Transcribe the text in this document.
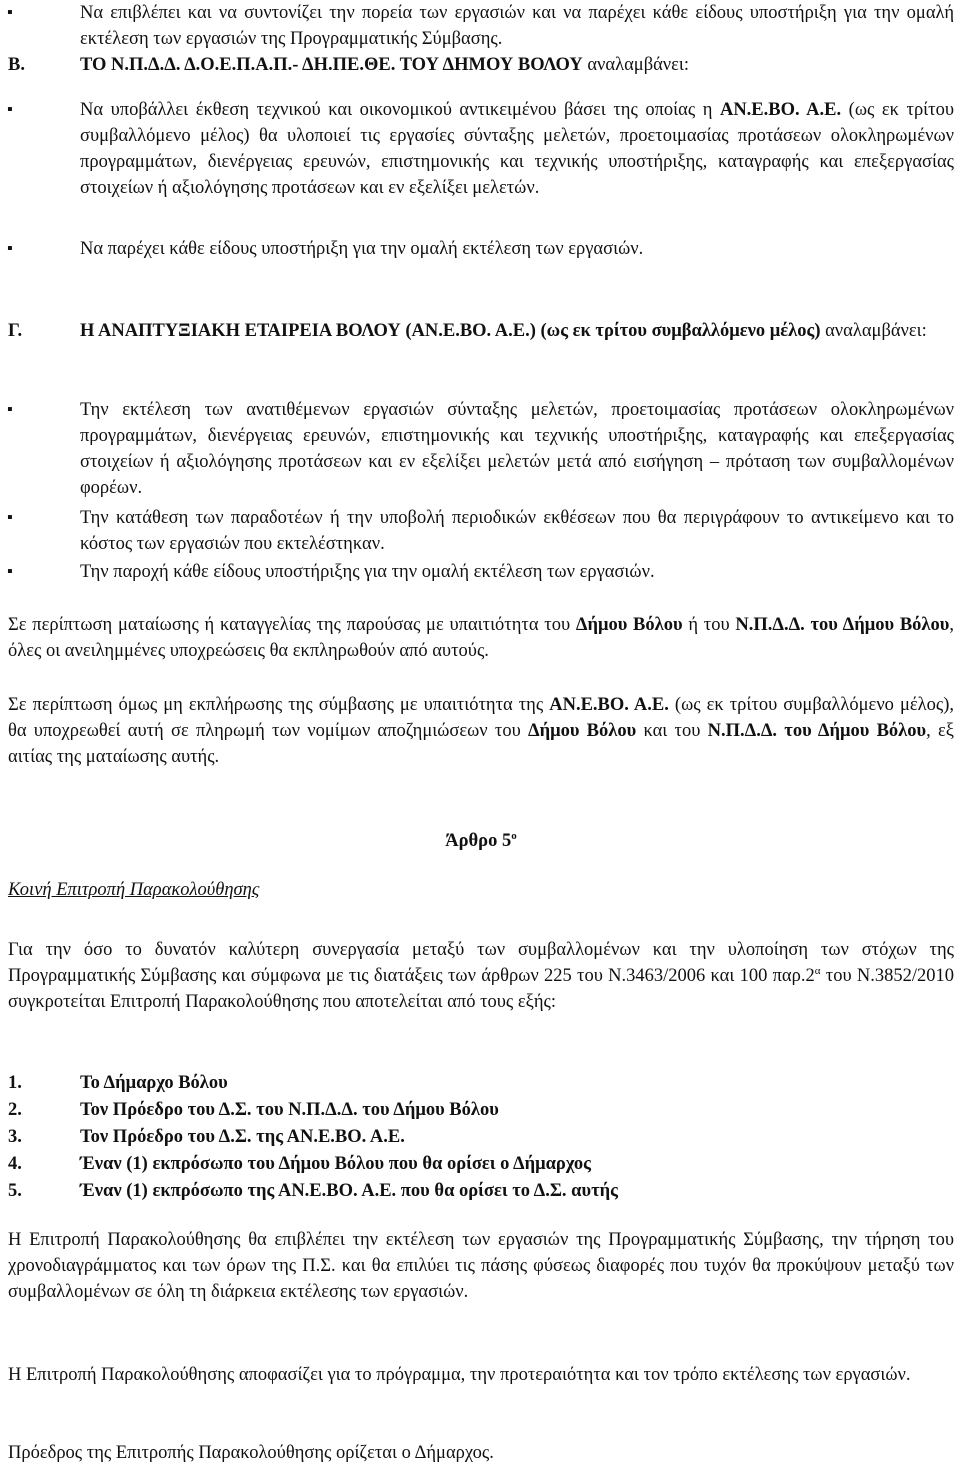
▪
Να επιβλέπει και να συντονίζει την πορεία των εργασιών και να παρέχει κάθε είδους υποστήριξη για την ομαλή εκτέλεση των εργασιών της Προγραμματικής Σύμβασης.
Β.	ΤΟ Ν.Π.Δ.Δ. Δ.Ο.Ε.Π.Α.Π.- ΔΗ.ΠΕ.ΘΕ. ΤΟΥ ΔΗΜΟΥ ΒΟΛΟΥ αναλαμβάνει:
▪
Να υποβάλλει έκθεση τεχνικού και οικονομικού αντικειμένου βάσει της οποίας η ΑΝ.Ε.ΒΟ. Α.Ε. (ως εκ τρίτου συμβαλλόμενο μέλος) θα υλοποιεί τις εργασίες σύνταξης μελετών, προετοιμασίας προτάσεων ολοκληρωμένων προγραμμάτων, διενέργειας ερευνών, επιστημονικής και τεχνικής υποστήριξης, καταγραφής και επεξεργασίας στοιχείων ή αξιολόγησης προτάσεων και εν εξελίξει μελετών.
▪
Να παρέχει κάθε είδους υποστήριξη για την ομαλή εκτέλεση των εργασιών.
Γ.	Η ΑΝΑΠΤΥΞΙΑΚΗ ΕΤΑΙΡΕΙΑ ΒΟΛΟΥ (ΑΝ.Ε.ΒΟ. Α.Ε.) (ως εκ τρίτου συμβαλλόμενο μέλος) αναλαμβάνει:
▪
Την εκτέλεση των ανατιθέμενων εργασιών σύνταξης μελετών, προετοιμασίας προτάσεων ολοκληρωμένων προγραμμάτων, διενέργειας ερευνών, επιστημονικής και τεχνικής υποστήριξης, καταγραφής και επεξεργασίας στοιχείων ή αξιολόγησης προτάσεων και εν εξελίξει μελετών μετά από εισήγηση – πρόταση των συμβαλλομένων φορέων.
▪
Την κατάθεση των παραδοτέων ή την υποβολή περιοδικών εκθέσεων που θα περιγράφουν το αντικείμενο και το κόστος των εργασιών που εκτελέστηκαν.
▪
Την παροχή κάθε είδους υποστήριξης για την ομαλή εκτέλεση των εργασιών.
Σε περίπτωση ματαίωσης ή καταγγελίας της παρούσας με υπαιτιότητα του Δήμου Βόλου ή του Ν.Π.Δ.Δ. του Δήμου Βόλου, όλες οι ανειλημμένες υποχρεώσεις θα εκπληρωθούν από αυτούς.
Σε περίπτωση όμως μη εκπλήρωσης της σύμβασης με υπαιτιότητα της ΑΝ.Ε.ΒΟ. Α.Ε. (ως εκ τρίτου συμβαλλόμενο μέλος), θα υποχρεωθεί αυτή σε πληρωμή των νομίμων αποζημιώσεων του Δήμου Βόλου και του Ν.Π.Δ.Δ. του Δήμου Βόλου, εξ αιτίας της ματαίωσης αυτής.
Άρθρο $5^o$
Κοινή Επιτροπή Παρακολούθησης
Για την όσο το δυνατόν καλύτερη συνεργασία μεταξύ των συμβαλλομένων και την υλοποίηση των στόχων της Προγραμματικής Σύμβασης και σύμφωνα με τις διατάξεις των άρθρων 225 του Ν.3463/2006 και 100 $\pi\alpha\rho.2^\alpha$ του Ν.3852/2010 συγκροτείται Επιτροπή Παρακολούθησης που αποτελείται από τους εξής:
1.	Το Δήμαρχο Βόλου
2.	Τον Πρόεδρο του Δ.Σ. του Ν.Π.Δ.Δ. του Δήμου Βόλου
3.	Τον Πρόεδρο του Δ.Σ. της ΑΝ.Ε.ΒΟ. Α.Ε.
4.	Έναν (1) εκπρόσωπο του Δήμου Βόλου που θα ορίσει ο Δήμαρχος
5.	Έναν (1) εκπρόσωπο της ΑΝ.Ε.ΒΟ. Α.Ε. που θα ορίσει το Δ.Σ. αυτής
Η Επιτροπή Παρακολούθησης θα επιβλέπει την εκτέλεση των εργασιών της Προγραμματικής Σύμβασης, την τήρηση του χρονοδιαγράμματος και των όρων της Π.Σ. και θα επιλύει τις πάσης φύσεως διαφορές που τυχόν θα προκύψουν μεταξύ των συμβαλλομένων σε όλη τη διάρκεια εκτέλεσης των εργασιών.
Η Επιτροπή Παρακολούθησης αποφασίζει για το πρόγραμμα, την προτεραιότητα και τον τρόπο εκτέλεσης των εργασιών.
Πρόεδρος της Επιτροπής Παρακολούθησης ορίζεται ο Δήμαρχος.
